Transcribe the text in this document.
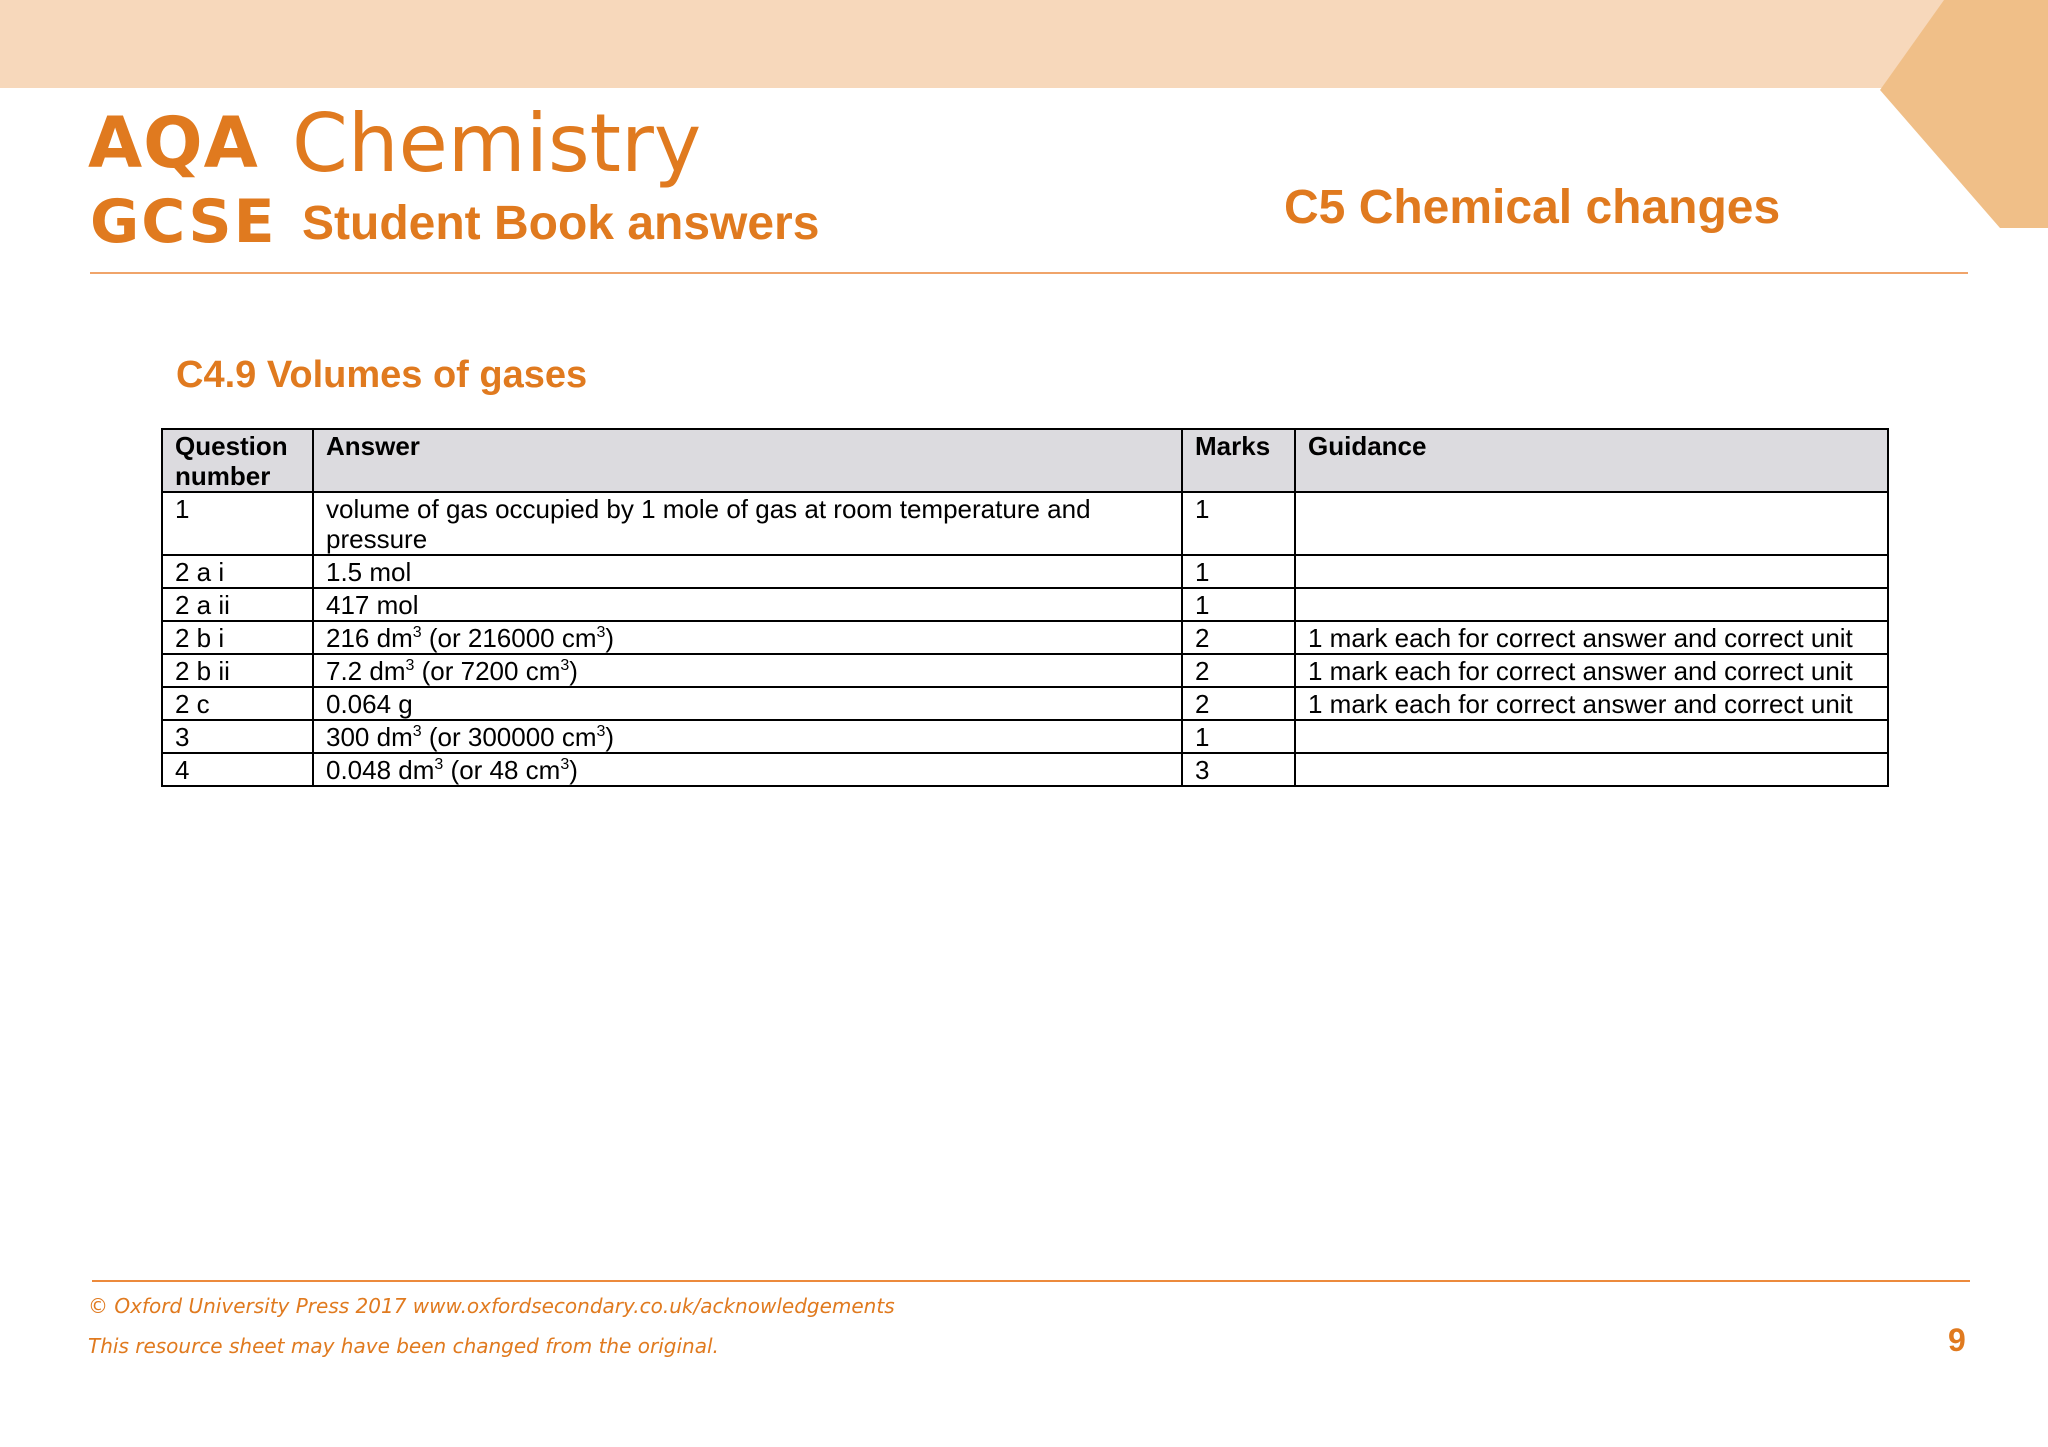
AQA
GCSE
Chemistry
Student Book answers	C5 Chemical changes
C4.9 Volumes of gases
Question number	Answer	Marks	Guidance
1	volume of gas occupied by 1 mole of gas at room temperature and pressure	1	
2 a i	1.5 mol	1	
2 a ii	417 mol	1	
2 b i	216 $dm^3$ (or 216000 $cm^3$)	2	1 mark each for correct answer and correct unit
2 b ii	7.2 $dm^3$ (or 7200 $cm^3$)	2	1 mark each for correct answer and correct unit
2 c	0.064 g	2	1 mark each for correct answer and correct unit
3	300 $dm^3$ (or 300000 $cm^3$)	1	
4	0.048 $dm^3$ (or 48 $cm^3$)	3	
© Oxford University Press 2017 www.oxfordsecondary.co.uk/acknowledgements
This resource sheet may have been changed from the original.	9
